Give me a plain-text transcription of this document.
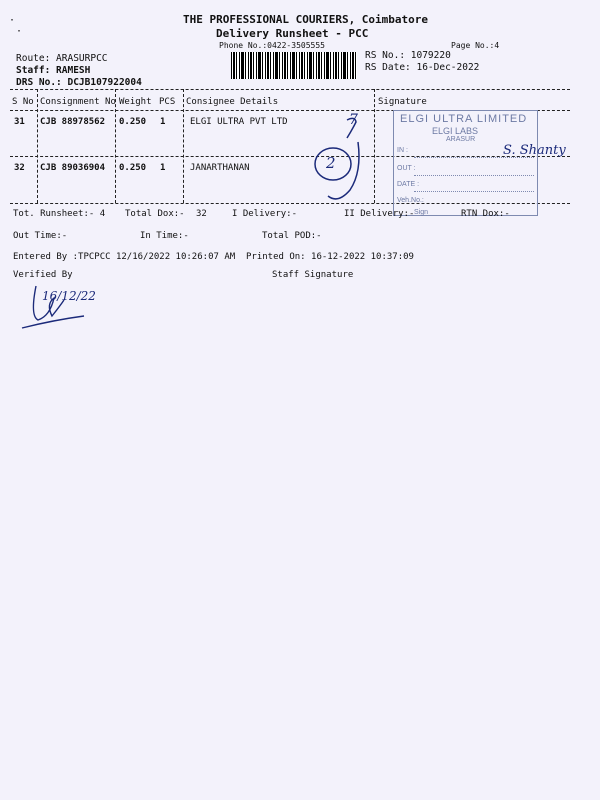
·
·
THE PROFESSIONAL COURIERS, Coimbatore
Delivery Runsheet - PCC
Phone No.:0422-3505555	Page No.:4
Route: ARASURPCC
Staff: RAMESH
DRS No.: DCJB107922004
RS No.: 1079220
RS Date: 16-Dec-2022
S No Consignment No Weight PCS Consignee Details	Signature
31 CJB 88978562 0.250 1	ELGI ULTRA PVT LTD
32 CJB 89036904 0.250 1	JANARTHANAN
7
2
ELGI ULTRA LIMITED
ELGI LABS
ARASUR
IN :
OUT :
DATE :
Veh.No.:
Sign
S. Shanty
Tot. Runsheet:- 4 Total Dox:- 32	I Delivery:-	II Delivery:-	RTN Dox:-
Out Time:-	In Time:-	Total POD:-
Entered By :TPCPCC 12/16/2022 10:26:07 AM Printed On: 16-12-2022 10:37:09
Verified By	Staff Signature
16/12/22
